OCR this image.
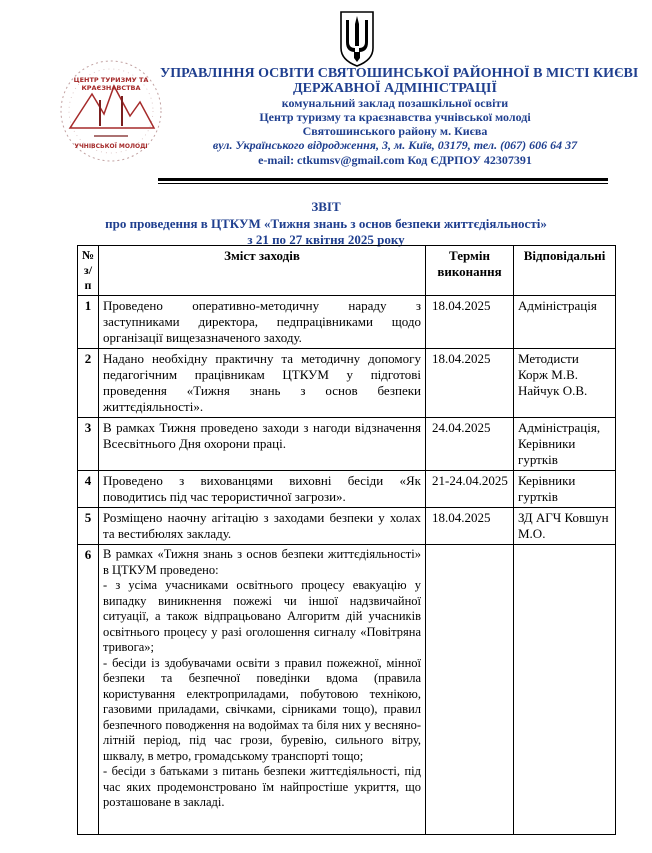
ЦЕНТР ТУРИЗМУ ТА
КРАЄЗНАВСТВА
УЧНІВСЬКОЇ МОЛОДІ
УПРАВЛІННЯ ОСВІТИ СВЯТОШИНСЬКОЇ РАЙОННОЇ В МІСТІ КИЄВІ
ДЕРЖАВНОЇ АДМІНІСТРАЦІЇ
комунальний заклад позашкільної освіти
Центр туризму та краєзнавства учнівської молоді
Святошинського району м. Києва
вул. Українського відродження, 3, м. Київ, 03179, тел. (067) 606 64 37
e-mail: ctkumsv@gmail.com Код ЄДРПОУ 42307391
ЗВІТ
про проведення в ЦТКУМ «Тижня знань з основ безпеки життєдіяльності»
з 21 по 27 квітня 2025 року
№ з/п	Зміст заходів	Термін виконання	Відповідальні
1	Проведено оперативно-методичну нараду з заступниками директора, педпрацівниками щодо організації вищезазначеного заходу.	18.04.2025	Адміністрація
2	Надано необхідну практичну та методичну допомогу педагогічним працівникам ЦТКУМ у підготові проведення «Тижня знань з основ безпеки життєдіяльності».	18.04.2025	Методисти Корж М.В. Найчук О.В.
3	В рамках Тижня проведено заходи з нагоди відзначення Всесвітнього Дня охорони праці.	24.04.2025	Адміністрація, Керівники гуртків
4	Проведено з вихованцями виховні бесіди «Як поводитись під час терористичної загрози».	21-24.04.2025	Керівники гуртків
5	Розміщено наочну агітацію з заходами безпеки у холах та вестибюлях закладу.	18.04.2025	ЗД АГЧ Ковшун М.О.
6	В рамках «Тижня знань з основ безпеки життєдіяльності» в ЦТКУМ проведено:

- з усіма учасниками освітнього процесу евакуацію у випадку виникнення пожежі чи іншої надзвичайної ситуації, а також відпрацьовано Алгоритм дій учасників освітнього процесу у разі оголошення сигналу «Повітряна тривога»;

- бесіди із здобувачами освіти з правил пожежної, мінної безпеки та безпечної поведінки вдома (правила користування електроприладами, побутовою технікою, газовими приладами, свічками, сірниками тощо), правил безпечного поводження на водоймах та біля них у весняно-літній період, під час грози, буревію, сильного вітру, шквалу, в метро, громадському транспорті тощо;

- бесіди з батьками з питань безпеки життєдіяльності, під час яких продемонстровано їм найпростіше укриття, що розташоване в закладі.		
